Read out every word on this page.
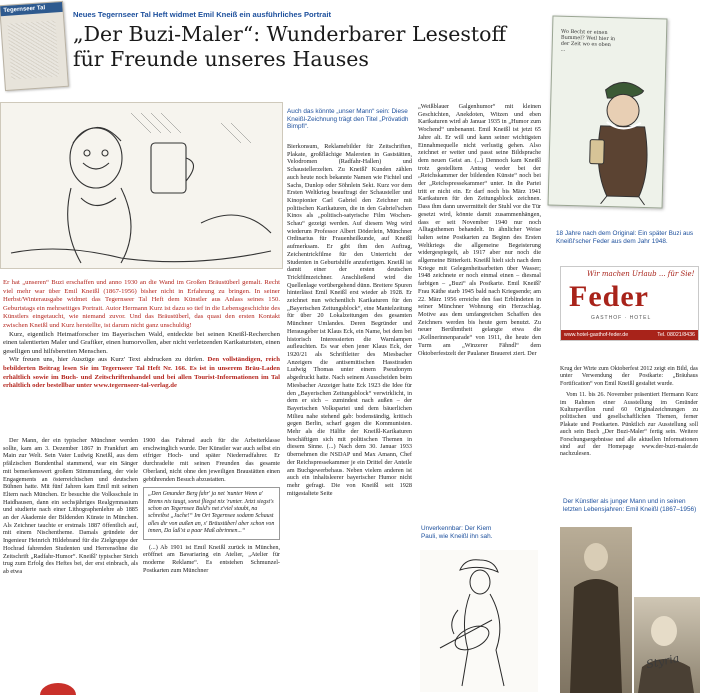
Tegernseer Tal
Neues Tegernseer Tal Heft widmet Emil Kneiß ein ausführliches Portrait
„Der Buzi-Maler“: Wunderbarer Lesestoff
für Freunde unseres Hauses

Er hat „unseren“ Buzi erschaffen und anno 1930 an die Wand im Großen Bräustüberl gemalt. Recht viel mehr war über Emil Kneißl (1867-1956) bisher nicht in Erfahrung zu bringen. In seiner Herbst/Winterausgabe widmet das Tegernseer Tal Heft dem Künstler aus Anlass seines 150. Geburtstags ein mehrseitiges Portrait. Autor Hermann Kurz ist dazu so tief in die Lebensgeschichte des Künstlers eingetaucht, wie niemand zuvor. Und das Bräustüberl, das quasi den ersten Kontakt zwischen Kneißl und Kurz herstellte, ist darum nicht ganz unschuldig!

Kurz, eigentlich Heimatforscher im Bayerischen Wald, entdeckte bei seinen Kneißl-Recherchen einen talentierten Maler und Grafiker, einen humorvollen, aber nicht verletzenden Karikaturisten, einen geselligen und hilfsbereiten Menschen.

Wir freuen uns, hier Auszüge aus Kurz' Text abdrucken zu dürfen. Den vollständigen, reich bebilderten Beitrag lesen Sie im Tegernseer Tal Heft Nr. 166. Es ist in unserem Bräu-Laden erhältlich sowie im Buch- und Zeitschriftenhandel und bei allen Tourist-Informationen im Tal erhältlich oder bestellbar unter www.tegernseer-tal-verlag.de

Der Mann, der ein typischer Münchner werden sollte, kam am 3. Dezember 1867 in Frankfurt am Main zur Welt. Sein Vater Ludwig Kneißl, aus dem pfälzischen Bundenthal stammend, war ein Sänger mit bemerkenswert großem Stimmumfang, der viele Engagements an österreichischen und deutschen Bühnen hatte. Mit fünf Jahren kam Emil mit seinen Eltern nach München. Er besuchte die Volksschule in Haidhausen, dann ein sechsjähriges Realgymnasium und studierte nach einer Lithographenlehre ab 1885 an der Akademie der Bildenden Künste in München. Als Zeichner tauchte er erstmals 1887 öffentlich auf, mit einem Nischentheme. Damals gründete der Ingenieur Heinrich Hildebrand für die Zielgruppe der Hochrad fahrenden Studenten und Herrensöhne die Zeitschrift „Radfahr-Humor“. Kneißl' typischer Strich trug zum Erfolg des Heftes bei, der erst einbrach, als ab etwa

1900 das Fahrrad auch für die Arbeiterklasse erschwinglich wurde. Der Künstler war auch selbst ein eifriger Hoch- und später Niederradfahrer. Er durchradelte mit seinen Freunden das gesamte Oberland, nicht ohne den jeweiligen Braustätten einen gebührenden Besuch abzustatten.

„Den Gmunder Berg fahr' ja net 'nunter Wenn a' Brems nix taugt, sonst fliegst nix 'runter. Jetzt siegst's schon an Tegernsee Buld's net z'viel staubt, na schreibst „Juche!“ Im Ort Tegernsee sodann Schaust alles dir von außen an, s' Bräustüberl aber schon von innen, Da laß'st a paar Maß abrinnen...“

(...) Ab 1901 ist Emil Kneißl zurück in München, eröffnet am Bavariaring ein Atelier, „Atelier für moderne Reklame“. Es entstehen Schmunzel-Postkarten zum Münchner

Auch das könnte „unser Mann“ sein: Diese Kneißl-Zeichnung trägt den Titel „Prövatidh Bimpfl“.

Bierkonsum, Reklamebilder für Zeitschriften, Plakate, großflächige Malereien in Gaststätten, Velodromen (Radfahr-Hallen) und Schaustellerzelten. Zu Kneißl' Kunden zählen auch heute noch bekannte Namen wie Fichtel und Sachs, Dunlop oder Söhnlein Sekt. Kurz vor dem Ersten Weltkrieg beauftragt der Schausteller und Kinopionier Carl Gabriel den Zeichner mit politischen Karikaturen, die in den Gabriel'schen Kinos als „politisch-satyrische Film Wochen-Schau“ gezeigt werden. Auf diesem Weg wird wiederum Professor Albert Döderlein, Münchner Ordinarius für Frauenheilkunde, auf Kneißl aufmerksam. Er gibt ihm den Auftrag, Zeichentrickfilme für den Unterricht der Studenten in Geburtshilfe anzufertigen. Kneißl ist damit einer der ersten deutschen Trickfilmzeichner. Anschließend wird die Quellenlage vorübergehend dünn. Breitere Spuren hinterlässt Emil Kneißl erst wieder ab 1928. Er zeichnet nun wöchentlich Karikaturen für den „Bayerischen Zeitungsblock“, eine Mantelzeitung für über 20 Lokalzeitungen des gesamten Münchner Umlandes. Deren Begründer und Herausgeber ist Klaus Eck, ein Name, bei dem bei historisch Interessierten die Warnlampen aufleuchten. Es war eben jener Klaus Eck, der 1920/21 als Schriftleiter des Miesbacher Anzeigers die antisemitischen Hasstiraden Ludwig Thomas unter einem Pseudonym abgedruckt hatte. Nach seinem Ausscheiden beim Miesbacher Anzeiger hatte Eck 1923 die Idee für den „Bayerischen Zeitungsblock“ verwirklicht, in dem er sich – zumindest nach außen – der Bayerischen Volkspartei und dem bäuerlichen Milieu nahe stehend gab: bodenständig, kritisch gegen Berlin, scharf gegen die Kommunisten. Mehr als die Hälfte der Kneißl-Karikaturen beschäftigen sich mit politischen Themen in diesem Sinne. (...) Nach dem 30. Januar 1933 übernehmen die NSDAP und Max Amann, Chef der Reichspressekammer je ein Drittel der Anteile am Buchgewerbehaus. Neben vielem anderen ist auch ein inhaltsleerer bayerischer Humor nicht mehr gefragt. Die von Kneißl seit 1928 mitgestaltete Seite

„Weißblauer Galgenhumor“ mit kleinen Geschichten, Anekdoten, Witzen und eben Karikaturen wird ab Januar 1935 in „Humor zum Wochend“ umbenannt. Emil Kneißl ist jetzt 65 Jahre alt. Er will und kann seiner wichtigsten Einnahmequelle nicht verlustig gehen. Also zeichnet er weiter und passt seine Bildsprache dem neuen Geist an. (...) Dennoch kam Kneißl trotz gestelltem Antrag weder bei der „Reichskammer der bildenden Künste“ noch bei der „Reichspressekammer“ unter. In die Partei tritt er nicht ein. Er darf noch bis März 1941 Karikaturen für den Zeitungsblock zeichnen. Dass ihm dann unvermittelt der Stuhl vor die Tür gesetzt wird, könnte damit zusammenhängen, dass er seit November 1940 nur noch Alltagsthemen behandelt. In ähnlicher Weise halten seine Postkarten zu Beginn des Ersten Weltkriegs die allgemeine Begeisterung widergespiegelt, ab 1917 aber nur noch die allgemeine Bitterkeit. Kneißl hielt sich nach dem Kriege mit Gelegenheitsarbeiten über Wasser; 1948 zeichnete er noch einmal einen – diesmal farbigen – „Buzi“ als Postkarte. Emil Kneißl' Frau Käthe starb 1945 bald nach Kriegsende; am 22. März 1956 erreiche den fast Erblindeten in seiner Münchner Wohnung ein Herzschlag. Motive aus dem umfangreichen Schaffen des Zeichners werden bis heute gern benutzt. Zu neuer Berühmtheit gelangte etwa die „Kellnerinnenparade“ von 1911, die heute den Turm am „Winzerer Fähndl“ dem Oktoberfestzelt der Paulaner Brauerei ziert. Der

Unverkennbar: Der Kiem Pauli, wie Kneißl ihn sah.
Wo Becht er einen Bummel? Weil hier in der Zeit wo es oben ...
18 Jahre nach dem Original: Ein später Buzi aus Kneißl'scher Feder aus dem Jahr 1948.
Wir machen Urlaub ... für Sie!
Feder
GASTHOF · HOTEL
www.hotel-gasthof-feder.de	Tel. 08021/8436

Krug der Wirte zum Oktoberfest 2012 zeigt ein Bild, das unter Verwendung der Postkarte: „Bräuhaus Fortification“ von Emil Kneißl gestaltet wurde.

Vom 11. bis 26. November präsentiert Hermann Kurz im Rahmen einer Ausstellung im Gmünder Kulturpavillon rund 60 Originalzeichnungen zu politischen und gesellschaftlichen Themen, ferner Plakate und Postkarten. Pünktlich zur Ausstellung soll auch sein Buch „Der Buzi-Maler“ fertig sein. Weitere Forschungsergebnisse und alle aktuellen Informationen sind auf der Homepage www.der-buzi-maler.de nachzulesen.

Der Künstler als junger Mann und in seinen letzten Lebensjahren: Emil Kneißl (1867–1956)
Styria
